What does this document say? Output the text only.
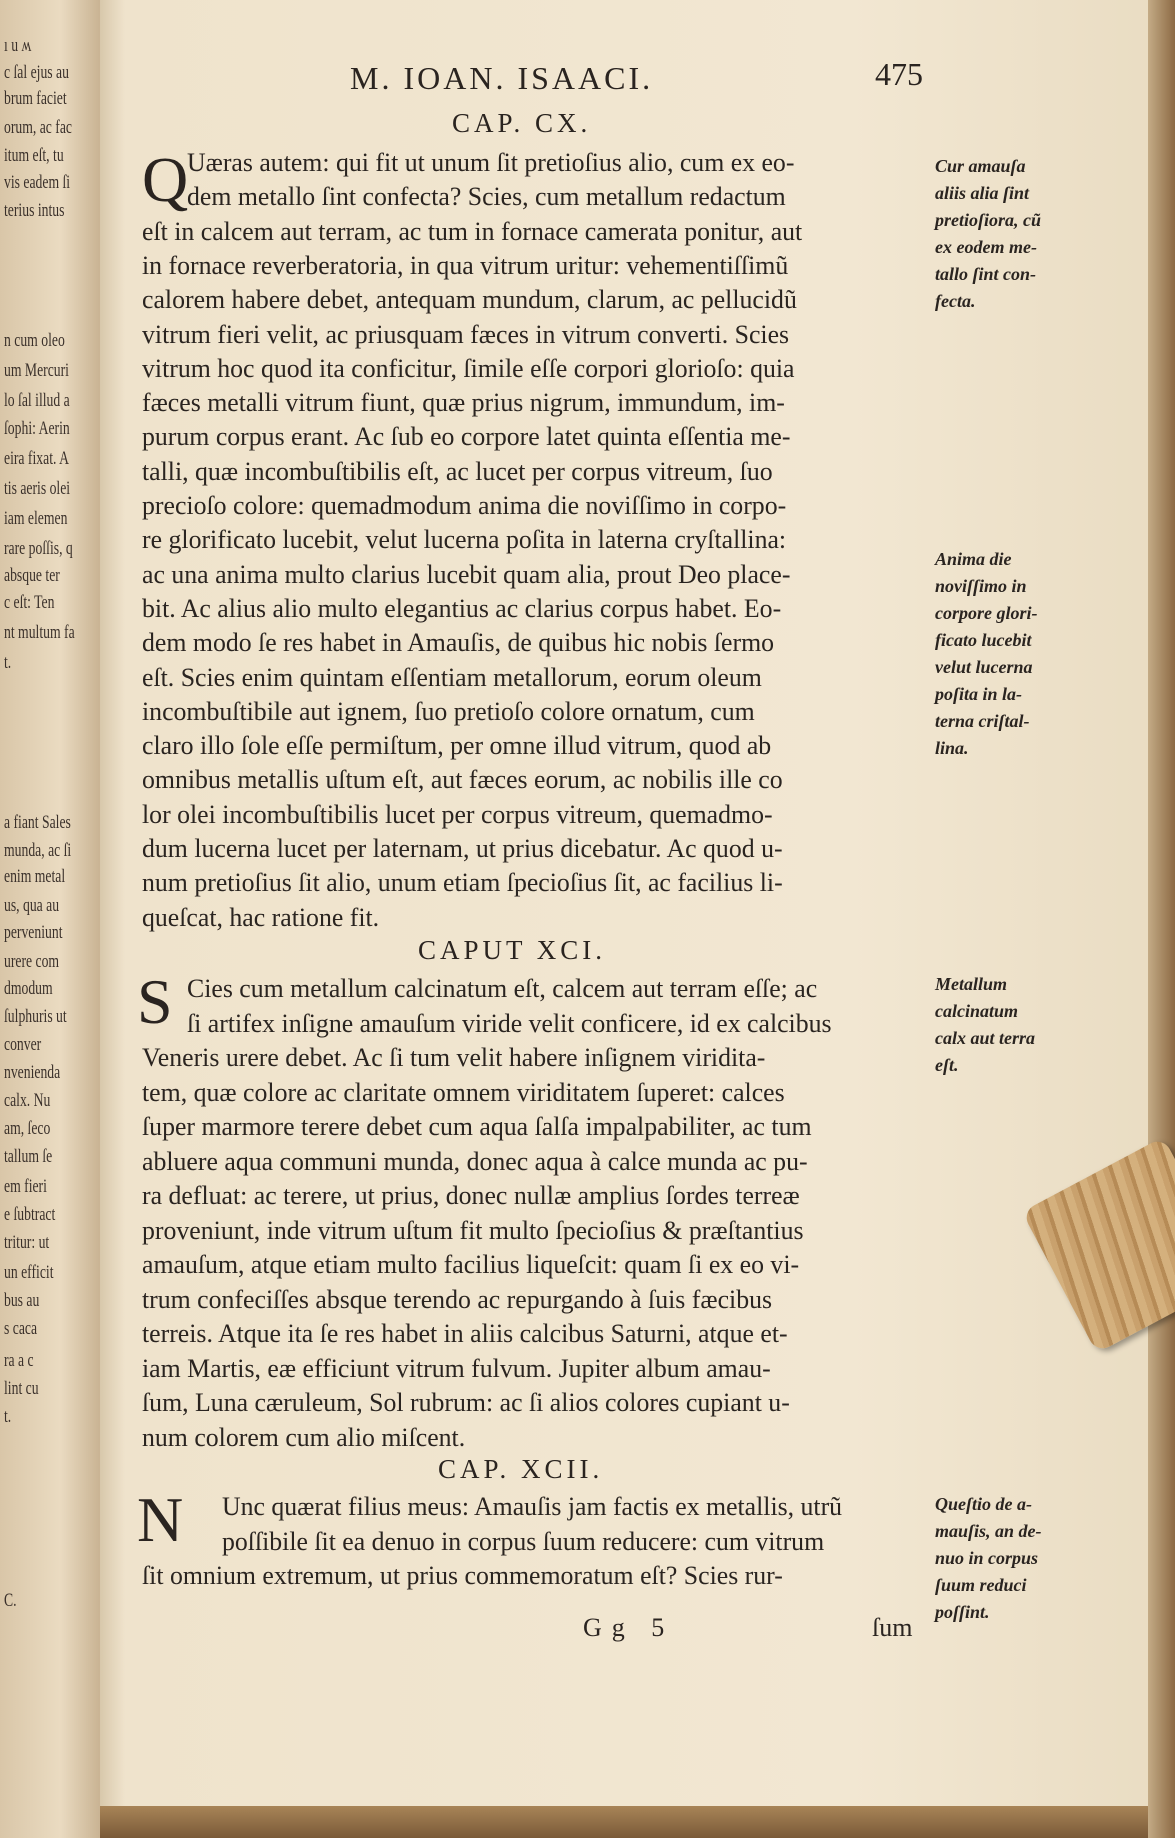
M. IOAN. ISAACI.	475
CAP. CX.
Q
Uæras autem: qui fit ut unum ſit pretioſius alio, cum ex eo-
dem metallo ſint confecta? Scies, cum metallum redactum
eſt in calcem aut terram, ac tum in fornace camerata ponitur, aut
in fornace reverberatoria, in qua vitrum uritur: vehementiſſimũ
calorem habere debet, antequam mundum, clarum, ac pellucidũ
vitrum fieri velit, ac priusquam fæces in vitrum converti. Scies
vitrum hoc quod ita conficitur, ſimile eſſe corpori glorioſo: quia
fæces metalli vitrum fiunt, quæ prius nigrum, immundum, im-
purum corpus erant. Ac ſub eo corpore latet quinta eſſentia me-
talli, quæ incombuſtibilis eſt, ac lucet per corpus vitreum, ſuo
precioſo colore: quemadmodum anima die noviſſimo in corpo-
re glorificato lucebit, velut lucerna poſita in laterna cryſtallina:
ac una anima multo clarius lucebit quam alia, prout Deo place-
bit. Ac alius alio multo elegantius ac clarius corpus habet. Eo-
dem modo ſe res habet in Amauſis, de quibus hic nobis ſermo
eſt. Scies enim quintam eſſentiam metallorum, eorum oleum
incombuſtibile aut ignem, ſuo pretioſo colore ornatum, cum
claro illo ſole eſſe permiſtum, per omne illud vitrum, quod ab
omnibus metallis uſtum eſt, aut fæces eorum, ac nobilis ille co
lor olei incombuſtibilis lucet per corpus vitreum, quemadmo-
dum lucerna lucet per laternam, ut prius dicebatur. Ac quod u-
num pretioſius ſit alio, unum etiam ſpecioſius ſit, ac facilius li-
queſcat, hac ratione fit.
CAPUT XCI.
S Cies cum metallum calcinatum eſt, calcem aut terram eſſe; ac
ſi artifex inſigne amauſum viride velit conficere, id ex calcibus
Veneris urere debet. Ac ſi tum velit habere inſignem viridita-
tem, quæ colore ac claritate omnem viriditatem ſuperet: calces
ſuper marmore terere debet cum aqua ſalſa impalpabiliter, ac tum
abluere aqua communi munda, donec aqua à calce munda ac pu-
ra defluat: ac terere, ut prius, donec nullæ amplius ſordes terreæ
proveniunt, inde vitrum uſtum fit multo ſpecioſius & præſtantius
amauſum, atque etiam multo facilius liqueſcit: quam ſi ex eo vi-
trum confeciſſes absque terendo ac repurgando à ſuis fæcibus
terreis. Atque ita ſe res habet in aliis calcibus Saturni, atque et-
iam Martis, eæ efficiunt vitrum fulvum. Jupiter album amau-
ſum, Luna cæruleum, Sol rubrum: ac ſi alios colores cupiant u-
num colorem cum alio miſcent.
CAP. XCII.
N Unc quærat filius meus: Amauſis jam factis ex metallis, utrũ
poſſibile ſit ea denuo in corpus ſuum reducere: cum vitrum
ſit omnium extremum, ut prius commemoratum eſt? Scies rur-
Cur amauſa
aliis alia ſint
pretioſiora, cũ
ex eodem me-
tallo ſint con-
fecta.
Anima die
noviſſimo in
corpore glori-
ficato lucebit
velut lucerna
poſita in la-
terna criſtal-
lina.
Metallum
calcinatum
calx aut terra
eſt.
Queſtio de a-
mauſis, an de-
nuo in corpus
ſuum reduci
poſſint.
ı u ʍ
c ſal ejus au
brum faciet
orum, ac fac
itum eſt, tu
vis eadem ſi
terius intus
n cum oleo
um Mercuri
lo ſal illud a
ſophi: Aerin
eira fixat. A
tis aeris olei
iam elemen
rare poſſis, q
absque ter
c eſt: Ten
nt multum fa
t.
a fiant Sales
munda, ac ſi
enim metal
us, qua au
perveniunt
urere com
dmodum
ſulphuris ut
conver
nvenienda
calx. Nu
am, ſeco
tallum ſe
em fieri
e ſubtract
tritur: ut
un efficit
bus au
s caca
ra a c
lint cu
t.
C.
Gg 5	ſum
